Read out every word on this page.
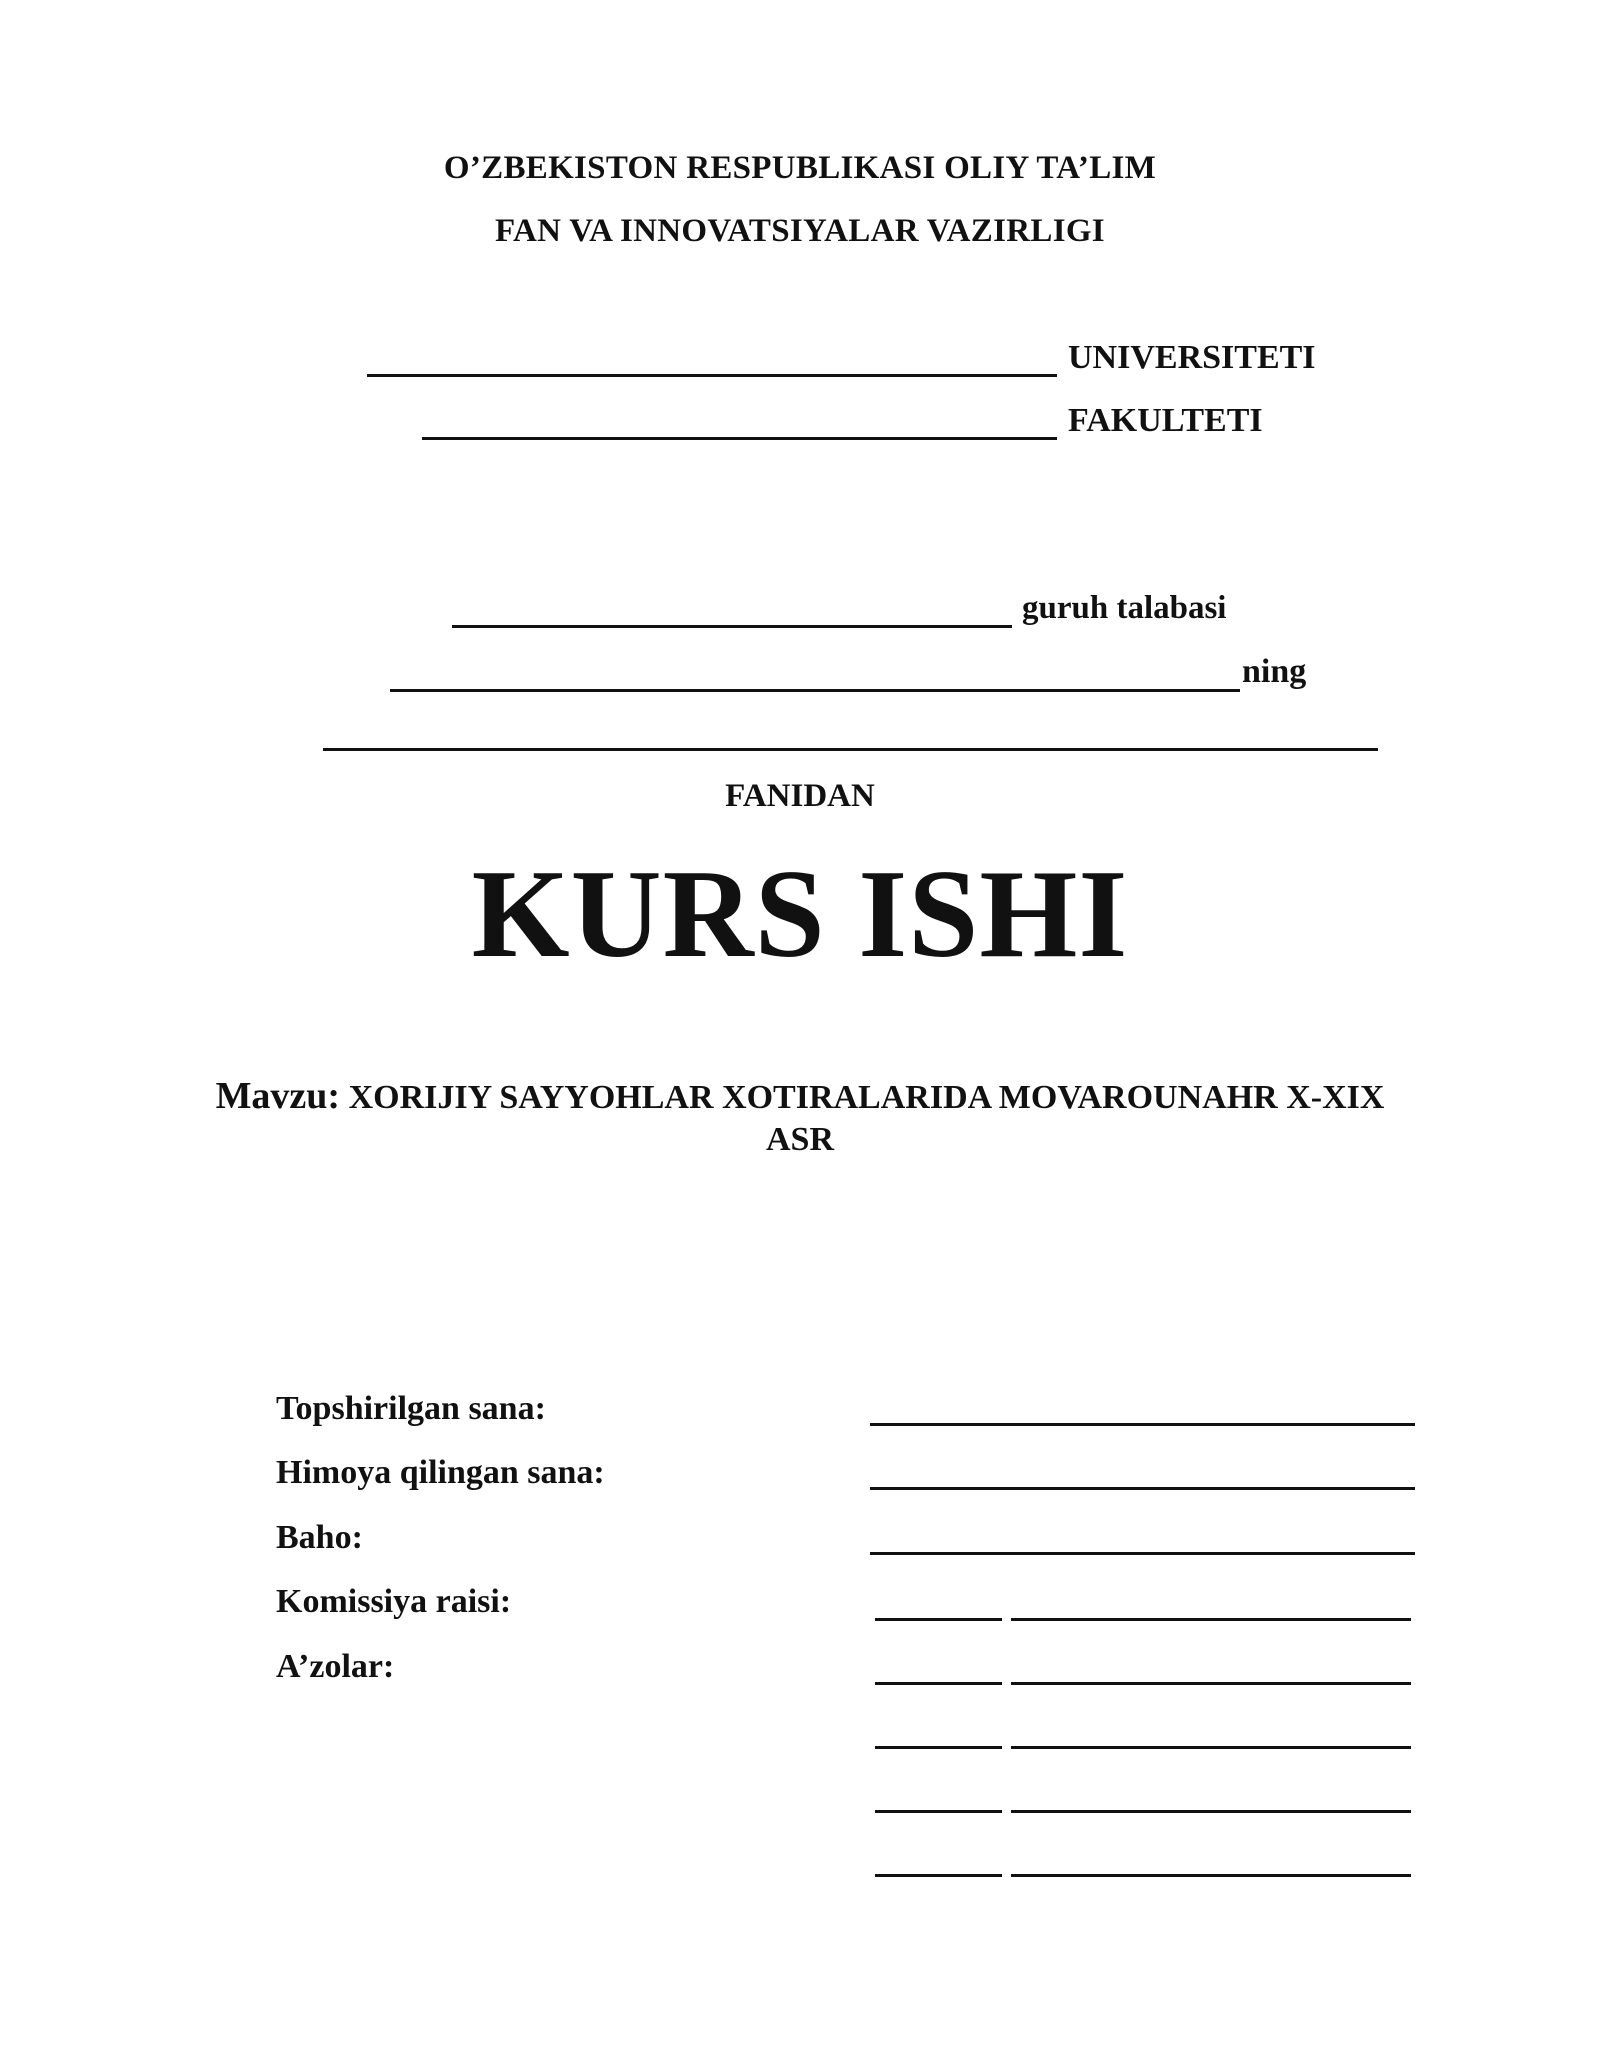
O’ZBEKISTON RESPUBLIKASI OLIY TA’LIM
FAN VA INNOVATSIYALAR VAZIRLIGI
UNIVERSITETI
FAKULTETI
guruh talabasi
ning
FANIDAN
KURS ISHI
Mavzu: XORIJIY SAYYOHLAR XOTIRALARIDA MOVAROUNAHR X-XIX
ASR
Topshirilgan sana:
Himoya qilingan sana:
Baho:
Komissiya raisi:
A’zolar:
